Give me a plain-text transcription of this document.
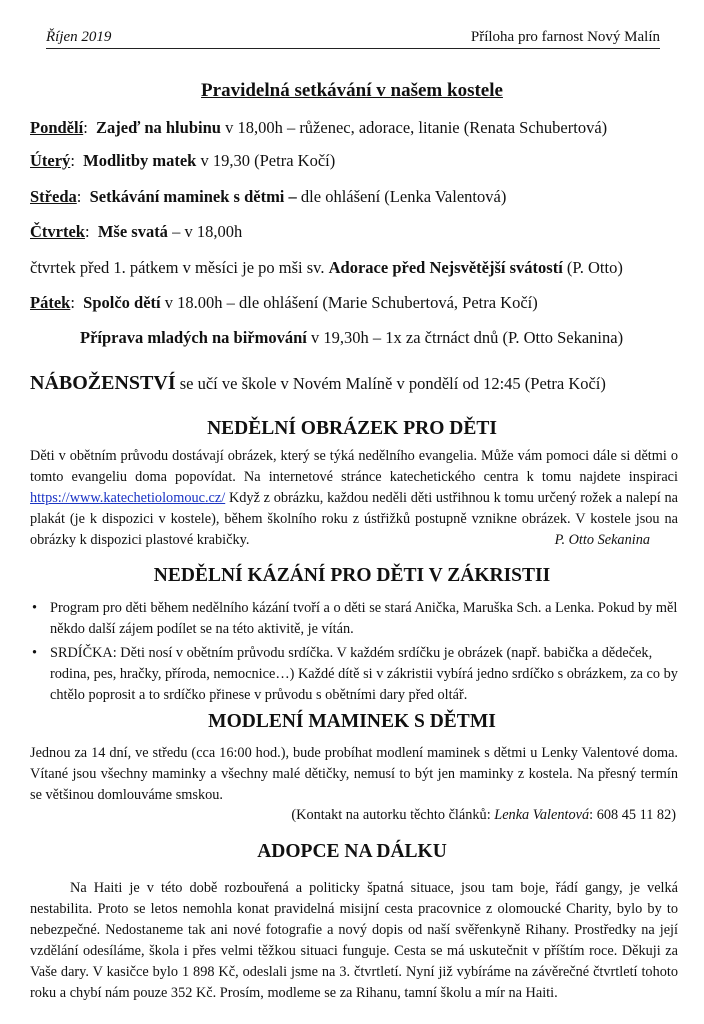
Říjen 2019	Příloha pro farnost Nový Malín
Pravidelná setkávání v našem kostele
Pondělí:  Zajeď na hlubinu v 18,00h – růženec, adorace, litanie (Renata Schubertová)
Úterý:  Modlitby matek v 19,30 (Petra Kočí)
Středa:  Setkávání maminek s dětmi – dle ohlášení (Lenka Valentová)
Čtvrtek:  Mše svatá – v 18,00h
čtvrtek před 1. pátkem v měsíci je po mši sv. Adorace před Nejsvětější svátostí (P. Otto)
Pátek:  Spolčo dětí v 18.00h – dle ohlášení (Marie Schubertová, Petra Kočí)
Příprava mladých na biřmování v 19,30h – 1x za čtrnáct dnů (P. Otto Sekanina)
NÁBOŽENSTVÍ se učí ve škole v Novém Malíně v pondělí od 12:45 (Petra Kočí)
NEDĚLNÍ OBRÁZEK PRO DĚTI
Děti v obětním průvodu dostávají obrázek, který se týká nedělního evangelia. Může vám pomoci dále si dětmi o tomto evangeliu doma popovídat. Na internetové stránce katechetického centra k tomu najdete inspiraci https://www.katechetiolomouc.cz/ Když z obrázku, každou neděli děti ustřihnou k tomu určený rožek a nalepí na plakát (je k dispozici v kostele), během školního roku z ústřižků postupně vznikne obrázek. V kostele jsou na obrázky k dispozici plastové krabičky.	P. Otto Sekanina
NEDĚLNÍ KÁZÁNÍ PRO DĚTI V ZÁKRISTII
• Program pro děti během nedělního kázání tvoří a o děti se stará Anička, Maruška Sch. a Lenka. Pokud by měl někdo další zájem podílet se na této aktivitě, je vítán.
• SRDÍČKA: Děti nosí v obětním průvodu srdíčka. V každém srdíčku je obrázek (např. babička a dědeček, rodina, pes, hračky, příroda, nemocnice…) Každé dítě si v zákristii vybírá jedno srdíčko s obrázkem, za co by chtělo poprosit a to srdíčko přinese v průvodu s obětními dary před oltář.
MODLENÍ MAMINEK S DĚTMI
Jednou za 14 dní, ve středu (cca 16:00 hod.), bude probíhat modlení maminek s dětmi u Lenky Valentové doma. Vítané jsou všechny maminky a všechny malé dětičky, nemusí to být jen maminky z kostela. Na přesný termín se většinou domlouváme smskou.
(Kontakt na autorku těchto článků: Lenka Valentová: 608 45 11 82)
ADOPCE NA DÁLKU
Na Haiti je v této době rozbouřená a politicky špatná situace, jsou tam boje, řádí gangy, je velká nestabilita. Proto se letos nemohla konat pravidelná misijní cesta pracovnice z olomoucké Charity, bylo by to nebezpečné. Nedostaneme tak ani nové fotografie a nový dopis od naší svěřenkyně Rihany. Prostředky na její vzdělání odesíláme, škola i přes velmi těžkou situaci funguje. Cesta se má uskutečnit v příštím roce. Děkuji za Vaše dary. V kasičce bylo 1 898 Kč, odeslali jsme na 3. čtvrtletí. Nyní již vybíráme na závěrečné čtvrtletí tohoto roku a chybí nám pouze 352 Kč. Prosím, modleme se za Rihanu, tamní školu a mír na Haiti.
